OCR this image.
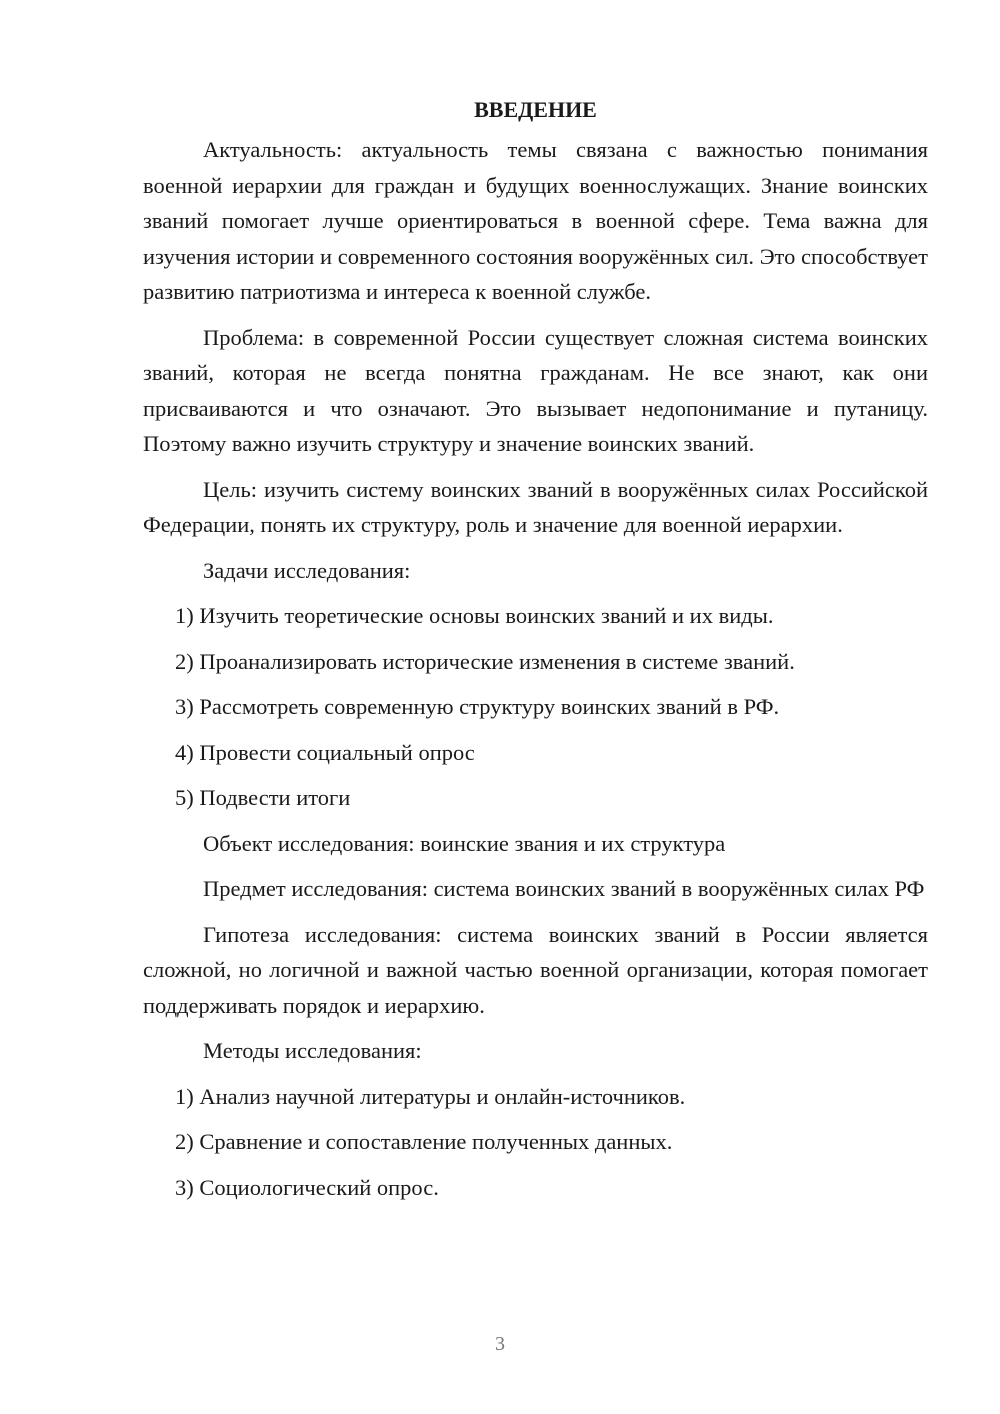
ВВЕДЕНИЕ

Актуальность: актуальность темы связана с важностью понимания военной иерархии для граждан и будущих военнослужащих. Знание воинских званий помогает лучше ориентироваться в военной сфере. Тема важна для изучения истории и современного состояния вооружённых сил. Это способствует развитию патриотизма и интереса к военной службе.

Проблема: в современной России существует сложная система воинских званий, которая не всегда понятна гражданам. Не все знают, как они присваиваются и что означают. Это вызывает недопонимание и путаницу. Поэтому важно изучить структуру и значение воинских званий.

Цель: изучить систему воинских званий в вооружённых силах Российской Федерации, понять их структуру, роль и значение для военной иерархии.

Задачи исследования:

1) Изучить теоретические основы воинских званий и их виды.

2) Проанализировать исторические изменения в системе званий.

3) Рассмотреть современную структуру воинских званий в РФ.

4) Провести социальный опрос

5) Подвести итоги

Объект исследования: воинские звания и их структура

Предмет исследования: система воинских званий в вооружённых силах РФ

Гипотеза исследования: система воинских званий в России является сложной, но логичной и важной частью военной организации, которая помогает поддерживать порядок и иерархию.

Методы исследования:

1) Анализ научной литературы и онлайн-источников.

2) Сравнение и сопоставление полученных данных.

3) Социологический опрос.

3
